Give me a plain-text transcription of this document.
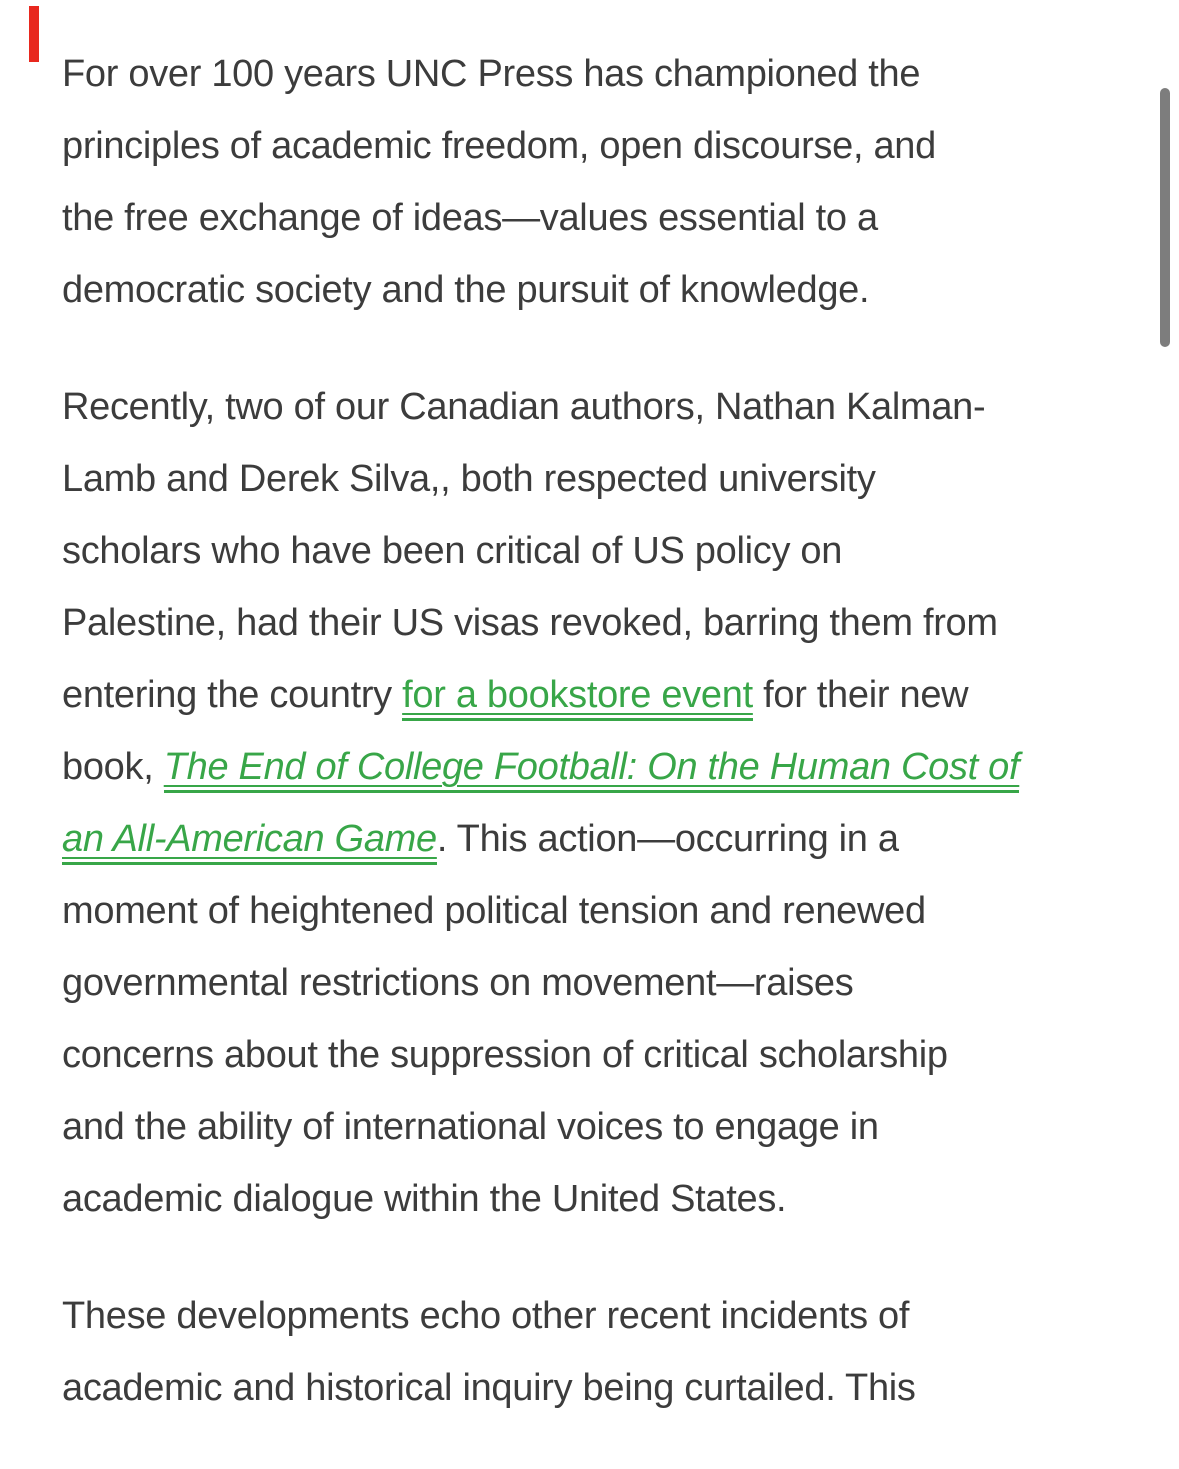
For over 100 years UNC Press has championed the
principles of academic freedom, open discourse, and
the free exchange of ideas—values essential to a
democratic society and the pursuit of knowledge.
Recently, two of our Canadian authors, Nathan Kalman-
Lamb and Derek Silva,, both respected university
scholars who have been critical of US policy on
Palestine, had their US visas revoked, barring them from
entering the country for a bookstore event for their new
book, The End of College Football: On the Human Cost of
an All-American Game. This action—occurring in a
moment of heightened political tension and renewed
governmental restrictions on movement—raises
concerns about the suppression of critical scholarship
and the ability of international voices to engage in
academic dialogue within the United States.
These developments echo other recent incidents of
academic and historical inquiry being curtailed. This
